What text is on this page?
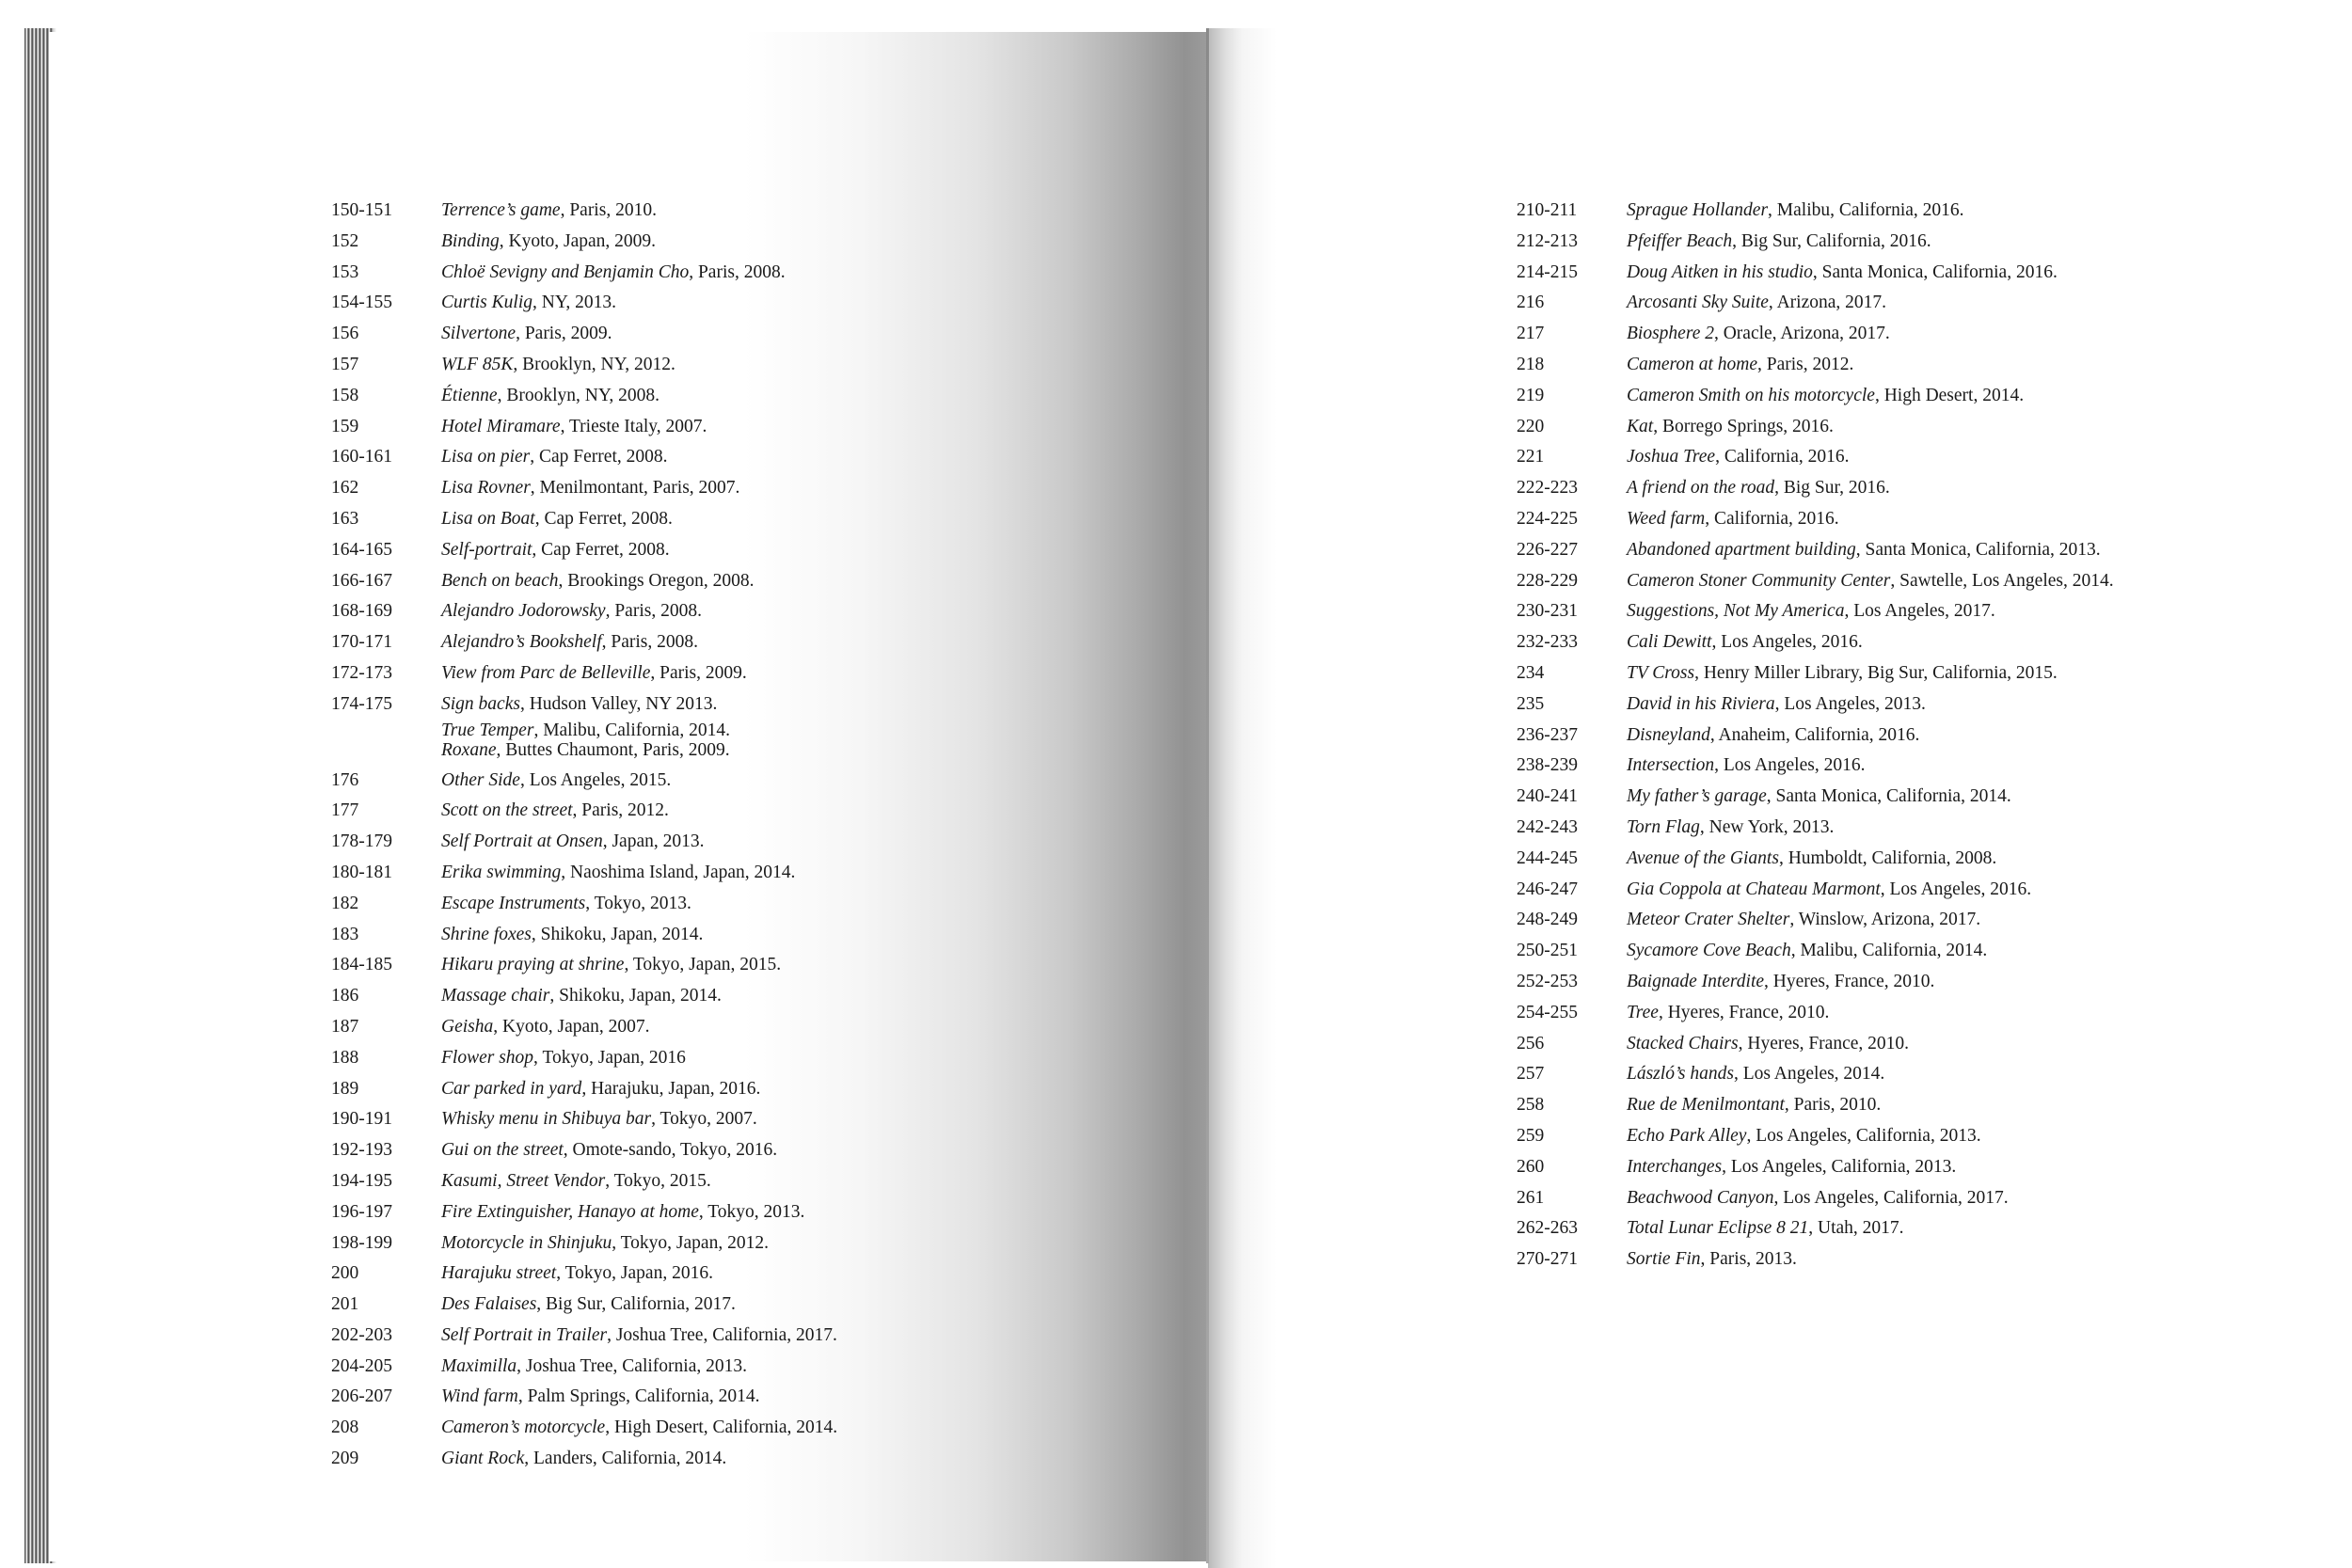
150-151	Terrence’s game, Paris, 2010.
152	Binding, Kyoto, Japan, 2009.
153	Chloë Sevigny and Benjamin Cho, Paris, 2008.
154-155	Curtis Kulig, NY, 2013.
156	Silvertone, Paris, 2009.
157	WLF 85K, Brooklyn, NY, 2012.
158	Étienne, Brooklyn, NY, 2008.
159	Hotel Miramare, Trieste Italy, 2007.
160-161	Lisa on pier, Cap Ferret, 2008.
162	Lisa Rovner, Menilmontant, Paris, 2007.
163	Lisa on Boat, Cap Ferret, 2008.
164-165	Self-portrait, Cap Ferret, 2008.
166-167	Bench on beach, Brookings Oregon, 2008.
168-169	Alejandro Jodorowsky, Paris, 2008.
170-171	Alejandro’s Bookshelf, Paris, 2008.
172-173	View from Parc de Belleville, Paris, 2009.
174-175	Sign backs, Hudson Valley, NY 2013.
True Temper, Malibu, California, 2014.
Roxane, Buttes Chaumont, Paris, 2009.
176	Other Side, Los Angeles, 2015.
177	Scott on the street, Paris, 2012.
178-179	Self Portrait at Onsen, Japan, 2013.
180-181	Erika swimming, Naoshima Island, Japan, 2014.
182	Escape Instruments, Tokyo, 2013.
183	Shrine foxes, Shikoku, Japan, 2014.
184-185	Hikaru praying at shrine, Tokyo, Japan, 2015.
186	Massage chair, Shikoku, Japan, 2014.
187	Geisha, Kyoto, Japan, 2007.
188	Flower shop, Tokyo, Japan, 2016
189	Car parked in yard, Harajuku, Japan, 2016.
190-191	Whisky menu in Shibuya bar, Tokyo, 2007.
192-193	Gui on the street, Omote-sando, Tokyo, 2016.
194-195	Kasumi, Street Vendor, Tokyo, 2015.
196-197	Fire Extinguisher, Hanayo at home, Tokyo, 2013.
198-199	Motorcycle in Shinjuku, Tokyo, Japan, 2012.
200	Harajuku street, Tokyo, Japan, 2016.
201	Des Falaises, Big Sur, California, 2017.
202-203	Self Portrait in Trailer, Joshua Tree, California, 2017.
204-205	Maximilla, Joshua Tree, California, 2013.
206-207	Wind farm, Palm Springs, California, 2014.
208	Cameron’s motorcycle, High Desert, California, 2014.
209	Giant Rock, Landers, California, 2014.
210-211	Sprague Hollander, Malibu, California, 2016.
212-213	Pfeiffer Beach, Big Sur, California, 2016.
214-215	Doug Aitken in his studio, Santa Monica, California, 2016.
216	Arcosanti Sky Suite, Arizona, 2017.
217	Biosphere 2, Oracle, Arizona, 2017.
218	Cameron at home, Paris, 2012.
219	Cameron Smith on his motorcycle, High Desert, 2014.
220	Kat, Borrego Springs, 2016.
221	Joshua Tree, California, 2016.
222-223	A friend on the road, Big Sur, 2016.
224-225	Weed farm, California, 2016.
226-227	Abandoned apartment building, Santa Monica, California, 2013.
228-229	Cameron Stoner Community Center, Sawtelle, Los Angeles, 2014.
230-231	Suggestions, Not My America, Los Angeles, 2017.
232-233	Cali Dewitt, Los Angeles, 2016.
234	TV Cross, Henry Miller Library, Big Sur, California, 2015.
235	David in his Riviera, Los Angeles, 2013.
236-237	Disneyland, Anaheim, California, 2016.
238-239	Intersection, Los Angeles, 2016.
240-241	My father’s garage, Santa Monica, California, 2014.
242-243	Torn Flag, New York, 2013.
244-245	Avenue of the Giants, Humboldt, California, 2008.
246-247	Gia Coppola at Chateau Marmont, Los Angeles, 2016.
248-249	Meteor Crater Shelter, Winslow, Arizona, 2017.
250-251	Sycamore Cove Beach, Malibu, California, 2014.
252-253	Baignade Interdite, Hyeres, France, 2010.
254-255	Tree, Hyeres, France, 2010.
256	Stacked Chairs, Hyeres, France, 2010.
257	László’s hands, Los Angeles, 2014.
258	Rue de Menilmontant, Paris, 2010.
259	Echo Park Alley, Los Angeles, California, 2013.
260	Interchanges, Los Angeles, California, 2013.
261	Beachwood Canyon, Los Angeles, California, 2017.
262-263	Total Lunar Eclipse 8 21, Utah, 2017.
270-271	Sortie Fin, Paris, 2013.
